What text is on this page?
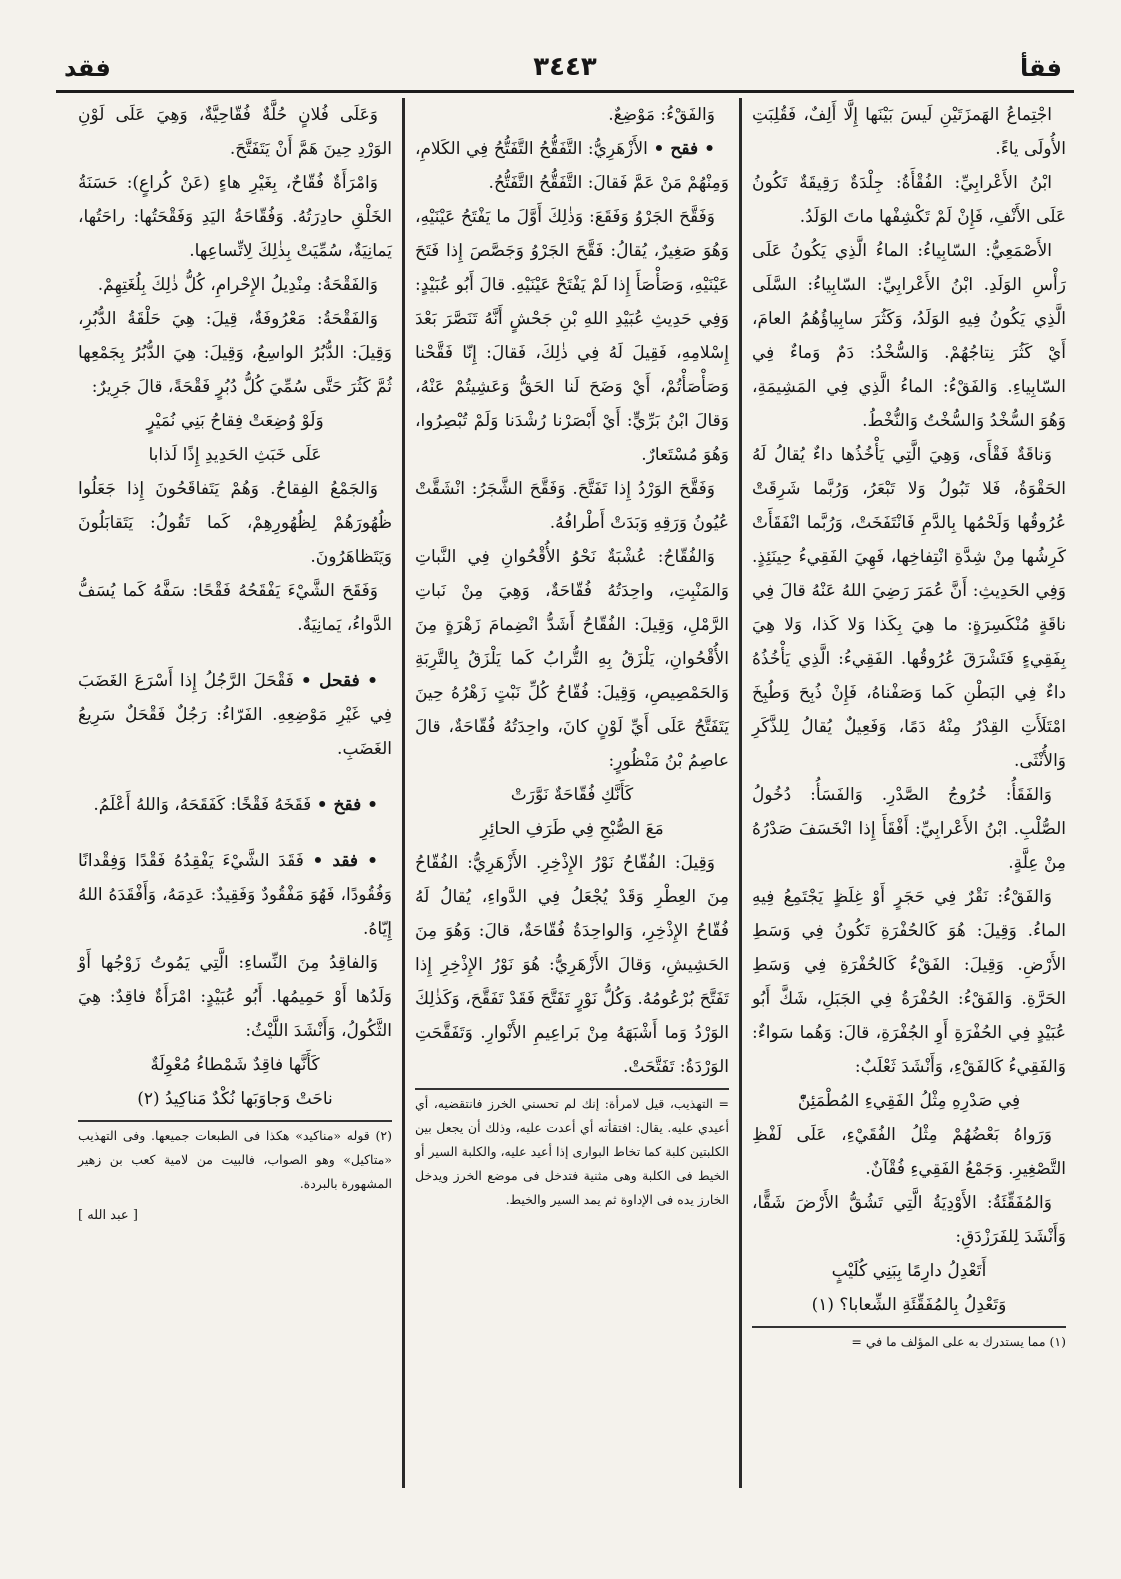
فقأ
٣٤٤٣
فقد

اجْتِماعُ الهَمزَتَيْنِ لَيسَ بَيْنَها إِلَّا أَلِفٌ، فَقُلِبَتِ الأُولَى ياءً.

ابْنُ الأَعْرابِيِّ: الفُقْأَةُ: جِلْدَةٌ رَقِيقَةٌ تَكُونُ عَلَى الأَنْفِ، فَإِنْ لَمْ تَكْشِفْها ماتَ الوَلَدُ.

الأَصْمَعِيُّ: السّابِياءُ: الماءُ الَّذِي يَكُونُ عَلَى رَأْسِ الوَلَدِ. ابْنُ الأَعْرابِيِّ: السّابِياءُ: السَّلَى الَّذِي يَكُونُ فِيهِ الوَلَدُ، وَكَثُرَ سابِياؤُهُمُ العامَ، أَيْ كَثُرَ نِتاجُهُمْ. وَالسُّخْدُ: دَمٌ وَماءٌ فِي السّابِياءِ. وَالفَقْءُ: الماءُ الَّذِي فِي المَشِيمَةِ، وَهُوَ السُّخْدُ وَالسُّخْتُ وَالنُّخْطُ.

وَناقَةٌ فَقْأَى، وَهِيَ الَّتِي يَأْخُذُها داءٌ يُقالُ لَهُ الحَقْوَةُ، فَلا تَبُولُ وَلا تَبْعَرُ، وَرُبَّما شَرِقَتْ عُرُوقُها وَلَحْمُها بِالدَّمِ فَانْتَفَخَتْ، وَرُبَّما انْفَقَأَتْ كَرِشُها مِنْ شِدَّةِ انْتِفاخِها، فَهِيَ الفَقِيءُ حِينَئِذٍ. وَفِي الحَدِيثِ: أَنَّ عُمَرَ رَضِيَ اللهُ عَنْهُ قالَ فِي ناقَةٍ مُنْكَسِرَةٍ: ما هِيَ بِكَذا وَلا كَذا، وَلا هِيَ بِفَقِيءٍ فَتَشْرَقَ عُرُوقُها. الفَقِيءُ: الَّذِي يَأْخُذُهُ داءٌ فِي البَطْنِ كَما وَصَفْناهُ، فَإِنْ ذُبِحَ وَطُبِخَ امْتَلَأَتِ القِدْرُ مِنْهُ دَمًا، وَفَعِيلٌ يُقالُ لِلذَّكَرِ وَالأُنْثَى.

وَالفَقَأُ: خُرُوجُ الصَّدْرِ. وَالفَسَأُ: دُخُولُ الصُّلْبِ. ابْنُ الأَعْرابِيِّ: أَفْقَأَ إِذا انْخَسَفَ صَدْرُهُ مِنْ عِلَّةٍ.

وَالفَقْءُ: نَقْرٌ فِي حَجَرٍ أَوْ غِلَظٍ يَجْتَمِعُ فِيهِ الماءُ. وَقِيلَ: هُوَ كَالحُفْرَةِ تَكُونُ فِي وَسَطِ الأَرْضِ. وَقِيلَ: الفَقْءُ كَالحُفْرَةِ فِي وَسَطِ الحَرَّةِ. وَالفَقْءُ: الحُفْرَةُ فِي الجَبَلِ، شَكَّ أَبُو عُبَيْدٍ فِي الحُفْرَةِ أَوِ الجُفْرَةِ، قالَ: وَهُما سَواءٌ: وَالفَقِيءُ كَالفَقْءِ، وَأَنْشَدَ ثَعْلَبٌ:

فِي صَدْرِهِ مِثْلُ الفَقِيءِ المُطْمَئِنّْ

وَرَواهُ بَعْضُهُمْ مِثْلُ الفُقَيْءِ، عَلَى لَفْظِ التَّصْغِيرِ. وَجَمْعُ الفَقِيءِ فُقْآنٌ.

وَالمُفَقِّئَةُ: الأَوْدِيَةُ الَّتِي تَشُقُّ الأَرْضَ شَقًّا، وَأَنْشَدَ لِلفَرَزْدَقِ:

أَتَعْدِلُ دارِمًا بِبَنِي كُلَيْبٍ

وَتَعْدِلُ بِالمُفَقِّئَةِ الشِّعابا؟ (١)

(١) مما يستدرك به على المؤلف ما في =

وَالفَقْءُ: مَوْضِعٌ.

• فقح • الأَزْهَرِيُّ: التَّفَقُّحُ التَّفَتُّحُ فِي الكَلامِ، وَمِنْهُمْ مَنْ عَمَّ فَقالَ: التَّفَقُّحُ التَّفَتُّحُ.

وَفَقَّحَ الجَرْوُ وَفَقَعَ: وَذٰلِكَ أَوَّلَ ما يَفْتَحُ عَيْنَيْهِ، وَهُوَ صَغِيرٌ، يُقالُ: فَقَّحَ الجَرْوُ وَجَصَّصَ إِذا فَتَحَ عَيْنَيْهِ، وَصَأْصَأَ إِذا لَمْ يَفْتَحْ عَيْنَيْهِ. قالَ أَبُو عُبَيْدٍ: وَفِي حَدِيثِ عُبَيْدِ اللهِ بْنِ جَحْشٍ أَنَّهُ تَنَصَّرَ بَعْدَ إِسْلامِهِ، فَقِيلَ لَهُ فِي ذٰلِكَ، فَقالَ: إِنّا فَقَّحْنا وَصَأْصَأْتُمْ، أَيْ وَضَحَ لَنا الحَقُّ وَعَشِيتُمْ عَنْهُ، وَقالَ ابْنُ بَرِّيٍّ: أَيْ أَبْصَرْنا رُشْدَنا وَلَمْ تُبْصِرُوا، وَهُوَ مُسْتَعارٌ.

وَفَقَّحَ الوَرْدُ إِذا تَفَتَّحَ. وَفَقَّحَ الشَّجَرُ: انْشَقَّتْ عُيُونُ وَرَقِهِ وَبَدَتْ أَطْرافُهُ.

وَالفُقّاحُ: عُشْبَةٌ نَحْوُ الأُقْحُوانِ فِي النَّباتِ وَالمَنْبِتِ، واحِدَتُهُ فُقّاحَةٌ، وَهِيَ مِنْ نَباتِ الرَّمْلِ، وَقِيلَ: الفُقّاحُ أَشَدُّ انْضِمامَ زَهْرَةٍ مِنَ الأُقْحُوانِ، يَلْزَقُ بِهِ التُّرابُ كَما يَلْزَقُ بِالتَّرِبَةِ وَالحَمْصِيصِ، وَقِيلَ: فُقّاحُ كُلِّ نَبْتٍ زَهْرُهُ حِينَ يَتَفَتَّحُ عَلَى أَيِّ لَوْنٍ كانَ، واحِدَتُهُ فُقّاحَةٌ، قالَ عاصِمُ بْنُ مَنْظُورٍ:

كَأَنَّكِ فُقّاحَةٌ نَوَّرَتْ

مَعَ الصُّبْحِ فِي طَرَفِ الحائِرِ

وَقِيلَ: الفُقّاحُ نَوْرُ الإِذْخِرِ. الأَزْهَرِيُّ: الفُقّاحُ مِنَ العِطْرِ وَقَدْ يُجْعَلُ فِي الدَّواءِ، يُقالُ لَهُ فُقّاحُ الإِذْخِرِ، وَالواحِدَةُ فُقّاحَةٌ، قالَ: وَهُوَ مِنَ الحَشِيشِ، وَقالَ الأَزْهَرِيُّ: هُوَ نَوْرُ الإِذْخِرِ إِذا تَفَتَّحَ بُرْعُومُهُ. وَكُلُّ نَوْرٍ تَفَتَّحَ فَقَدْ تَفَقَّحَ، وَكَذٰلِكَ الوَرْدُ وَما أَشْبَهَهُ مِنْ بَراعِيمِ الأَنْوارِ. وَتَفَقَّحَتِ الوَرْدَةُ: تَفَتَّحَتْ.

= التهذيب، قيل لامرأة: إنك لم تحسني الخرز فانتقضيه، أي أعيدي عليه. يقال: افتقأته أي أعدت عليه، وذلك أن يجعل بين الكلبتين كلبة كما تخاط البوارى إذا أعيد عليه، والكلبة السير أو الخيط فى الكلبة وهى مثنية فتدخل فى موضع الخرز ويدخل الخارز يده فى الإداوة ثم يمد السير والخيط.

وَعَلَى فُلانٍ حُلَّةٌ فُقّاحِيَّةٌ، وَهِيَ عَلَى لَوْنِ الوَرْدِ حِينَ هَمَّ أَنْ يَتَفَتَّحَ.

وَامْرَأَةٌ فُقّاحٌ، بِغَيْرِ هاءٍ (عَنْ كُراعٍ): حَسَنَةُ الخَلْقِ حادِرَتُهُ. وَفُقّاحَةُ اليَدِ وَفَقْحَتُها: راحَتُها، يَمانِيَةٌ، سُمِّيَتْ بِذٰلِكَ لِاتِّساعِها.

وَالفَقْحَةُ: مِنْدِيلُ الإِحْرامِ، كُلُّ ذٰلِكَ بِلُغَتِهِمْ.

وَالفَقْحَةُ: مَعْرُوفَةٌ، قِيلَ: هِيَ حَلْقَةُ الدُّبُرِ، وَقِيلَ: الدُّبُرُ الواسِعُ، وَقِيلَ: هِيَ الدُّبُرُ بِجَمْعِها ثُمَّ كَثُرَ حَتَّى سُمِّيَ كُلُّ دُبُرٍ فَقْحَةً، قالَ جَرِيرٌ:

وَلَوْ وُضِعَتْ فِقاحُ بَنِي نُمَيْرٍ

عَلَى خَبَثِ الحَدِيدِ إِذًا لَذابا

وَالجَمْعُ الفِقاحُ. وَهُمْ يَتَفاقَحُونَ إِذا جَعَلُوا ظُهُورَهُمْ لِظُهُورِهِمْ، كَما تَقُولُ: يَتَقابَلُونَ وَيَتَظاهَرُونَ.

وَفَقَحَ الشَّيْءَ يَفْقَحُهُ فَقْحًا: سَفَّهُ كَما يُسَفُّ الدَّواءُ، يَمانِيَةٌ.

• فقحل • فَقْحَلَ الرَّجُلُ إِذا أَسْرَعَ الغَضَبَ فِي غَيْرِ مَوْضِعِهِ. الفَرّاءُ: رَجُلٌ فَقْحَلٌ سَرِيعُ الغَضَبِ.

• فقخ • فَقَخَهُ فَقْخًا: كَفَقَحَهُ، وَاللهُ أَعْلَمُ.

• فقد • فَقَدَ الشَّيْءَ يَفْقِدُهُ فَقْدًا وَفِقْدانًا وَفُقُودًا، فَهُوَ مَفْقُودٌ وَفَقِيدٌ: عَدِمَهُ، وَأَفْقَدَهُ اللهُ إِيّاهُ.

وَالفاقِدُ مِنَ النِّساءِ: الَّتِي يَمُوتُ زَوْجُها أَوْ وَلَدُها أَوْ حَمِيمُها. أَبُو عُبَيْدٍ: امْرَأَةٌ فاقِدٌ: هِيَ الثَّكُولُ، وَأَنْشَدَ اللَّيْثُ:

كَأَنَّها فاقِدٌ شَمْطاءُ مُعْوِلَةٌ

ناحَتْ وَجاوَبَها نُكْدٌ مَناكِيدُ (٢)

(٢) قوله «مناكيد» هكذا فى الطبعات جميعها. وفى التهذيب «متاكيل» وهو الصواب، فالبيت من لامية كعب بن زهير المشهورة بالبردة.

[ عبد الله ]
